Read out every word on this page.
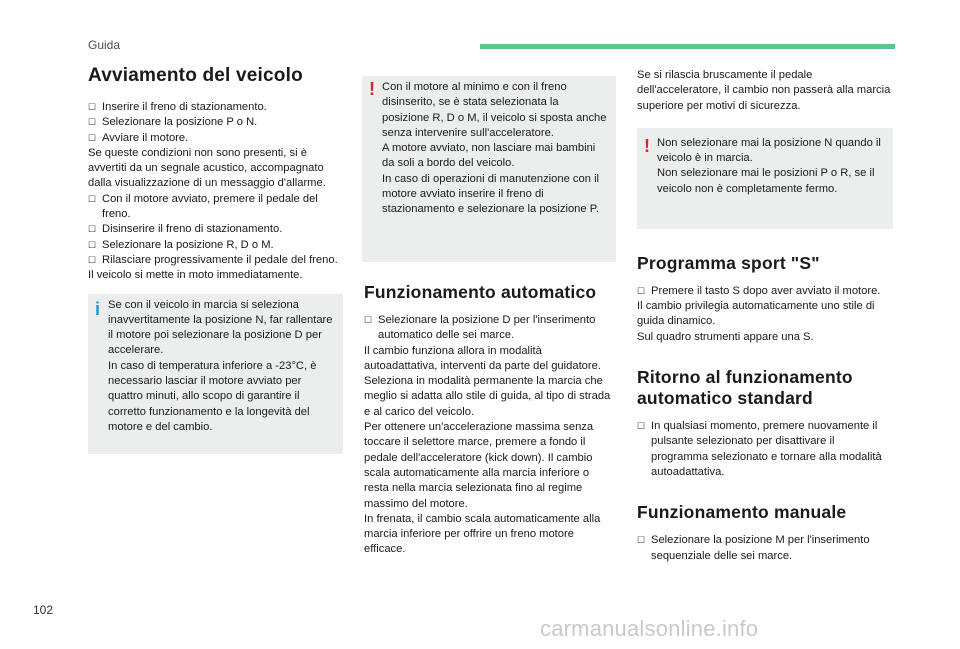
Guida
Avviamento del veicolo
☐ Inserire il freno di stazionamento.
☐ Selezionare la posizione P o N.
☐ Avviare il motore.

Se queste condizioni non sono presenti, si è avvertiti da un segnale acustico, accompagnato dalla visualizzazione di un messaggio d'allarme.

☐ Con il motore avviato, premere il pedale del freno.
☐ Disinserire il freno di stazionamento.
☐ Selezionare la posizione R, D o M.
☐ Rilasciare progressivamente il pedale del freno.

Il veicolo si mette in moto immediatamente.

i Se con il veicolo in marcia si seleziona inavvertitamente la posizione N, far rallentare il motore poi selezionare la posizione D per accelerare.

In caso di temperatura inferiore a -23°C, è necessario lasciar il motore avviato per quattro minuti, allo scopo di garantire il corretto funzionamento e la longevità del motore e del cambio.

! Con il motore al minimo e con il freno disinserito, se è stata selezionata la posizione R, D o M, il veicolo si sposta anche senza intervenire sull'acceleratore.

A motore avviato, non lasciare mai bambini da soli a bordo del veicolo.

In caso di operazioni di manutenzione con il motore avviato inserire il freno di stazionamento e selezionare la posizione P.

Funzionamento automatico
☐ Selezionare la posizione D per l'inserimento automatico delle sei marce.

Il cambio funziona allora in modalità autoadattativa, interventi da parte del guidatore. Seleziona in modalità permanente la marcia che meglio si adatta allo stile di guida, al tipo di strada e al carico del veicolo.

Per ottenere un'accelerazione massima senza toccare il selettore marce, premere a fondo il pedale dell'acceleratore (kick down). Il cambio scala automaticamente alla marcia inferiore o resta nella marcia selezionata fino al regime massimo del motore.

In frenata, il cambio scala automaticamente alla marcia inferiore per offrire un freno motore efficace.

Se si rilascia bruscamente il pedale dell'acceleratore, il cambio non passerà alla marcia superiore per motivi di sicurezza.

! Non selezionare mai la posizione N quando il veicolo è in marcia.

Non selezionare mai le posizioni P o R, se il veicolo non è completamente fermo.

Programma sport "S"
☐ Premere il tasto S dopo aver avviato il motore.

Il cambio privilegia automaticamente uno stile di guida dinamico.

Sul quadro strumenti appare una S.

Ritorno al funzionamento automatico standard
☐ In qualsiasi momento, premere nuovamente il pulsante selezionato per disattivare il programma selezionato e tornare alla modalità autoadattativa.
Funzionamento manuale
☐ Selezionare la posizione M per l'inserimento sequenziale delle sei marce.
102
carmanualsonline.info
